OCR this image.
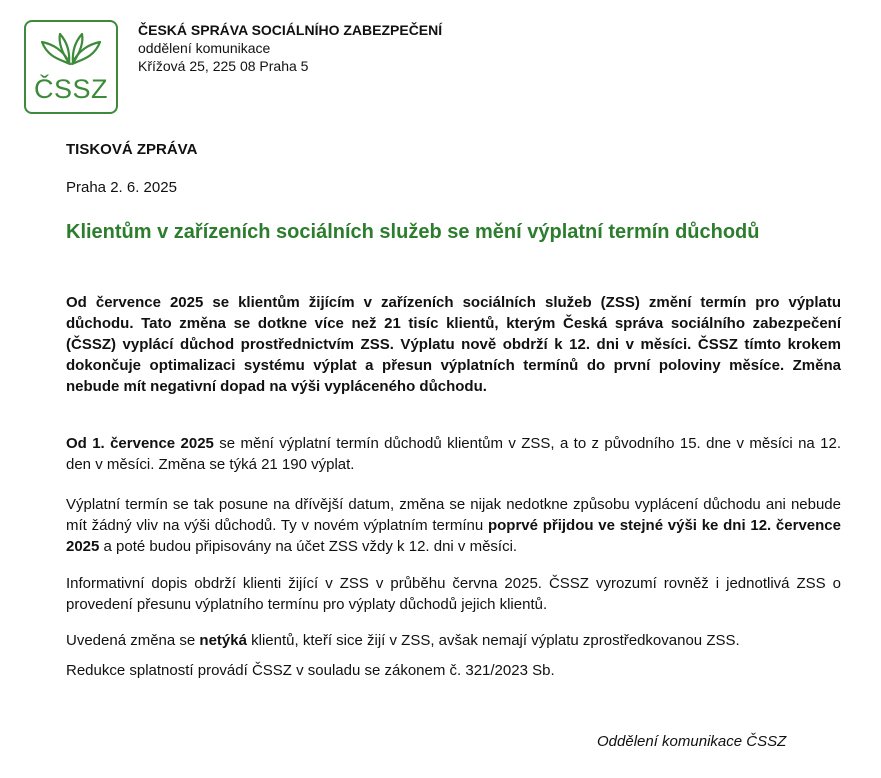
ČSSZ
ČESKÁ SPRÁVA SOCIÁLNÍHO ZABEZPEČENÍ
oddělení komunikace
Křížová 25, 225 08 Praha 5
TISKOVÁ ZPRÁVA
Praha 2. 6. 2025
Klientům v zařízeních sociálních služeb se mění výplatní termín důchodů
Od července 2025 se klientům žijícím v zařízeních sociálních služeb (ZSS) změní termín pro výplatu důchodu. Tato změna se dotkne více než 21 tisíc klientů, kterým Česká správa sociálního zabezpečení (ČSSZ) vyplácí důchod prostřednictvím ZSS. Výplatu nově obdrží k 12. dni v měsíci. ČSSZ tímto krokem dokončuje optimalizaci systému výplat a přesun výplatních termínů do první poloviny měsíce. Změna nebude mít negativní dopad na výši vypláceného důchodu.
Od 1. července 2025 se mění výplatní termín důchodů klientům v ZSS, a to z původního 15. dne v měsíci na 12. den v měsíci. Změna se týká 21 190 výplat.
Výplatní termín se tak posune na dřívější datum, změna se nijak nedotkne způsobu vyplácení důchodu ani nebude mít žádný vliv na výši důchodů. Ty v novém výplatním termínu poprvé přijdou ve stejné výši ke dni 12. července 2025 a poté budou připisovány na účet ZSS vždy k 12. dni v měsíci.
Informativní dopis obdrží klienti žijící v ZSS v průběhu června 2025. ČSSZ vyrozumí rovněž i jednotlivá ZSS o provedení přesunu výplatního termínu pro výplaty důchodů jejich klientů.
Uvedená změna se netýká klientů, kteří sice žijí v ZSS, avšak nemají výplatu zprostředkovanou ZSS.
Redukce splatností provádí ČSSZ v souladu se zákonem č. 321/2023 Sb.
Oddělení komunikace ČSSZ
